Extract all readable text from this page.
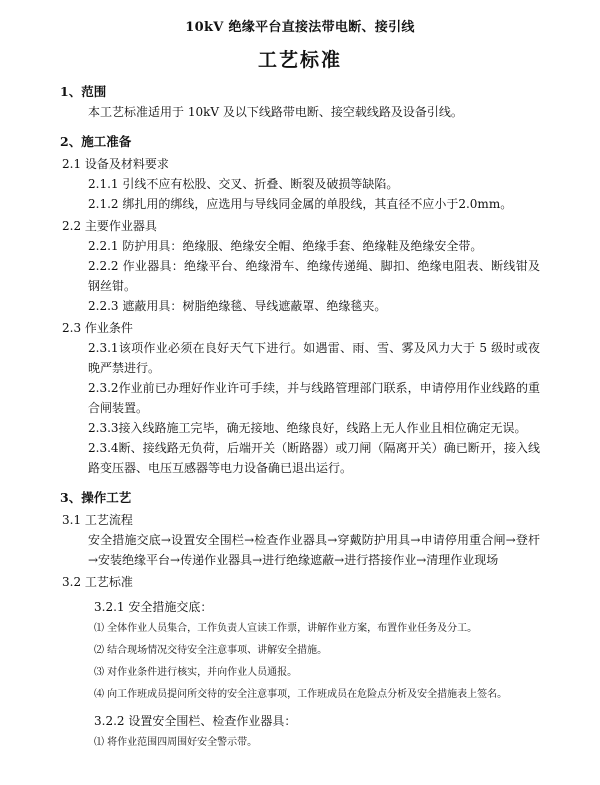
10kV 绝缘平台直接法带电断、接引线
工艺标准
1、范围
本工艺标准适用于 10kV 及以下线路带电断、接空载线路及设备引线。
2、施工准备
2.1 设备及材料要求
2.1.1 引线不应有松股、交叉、折叠、断裂及破损等缺陷。
2.1.2 绑扎用的绑线，应选用与导线同金属的单股线，其直径不应小于2.0mm。
2.2 主要作业器具
2.2.1 防护用具：绝缘服、绝缘安全帽、绝缘手套、绝缘鞋及绝缘安全带。
2.2.2 作业器具：绝缘平台、绝缘滑车、绝缘传递绳、脚扣、绝缘电阻表、断线钳及钢丝钳。
2.2.3 遮蔽用具：树脂绝缘毯、导线遮蔽罩、绝缘毯夹。
2.3 作业条件
2.3.1该项作业必须在良好天气下进行。如遇雷、雨、雪、雾及风力大于 5 级时或夜晚严禁进行。
2.3.2作业前已办理好作业许可手续，并与线路管理部门联系，申请停用作业线路的重合闸装置。
2.3.3接入线路施工完毕，确无接地、绝缘良好，线路上无人作业且相位确定无误。
2.3.4断、接线路无负荷，后端开关（断路器）或刀闸（隔离开关）确已断开，接入线路变压器、电压互感器等电力设备确已退出运行。
3、操作工艺
3.1 工艺流程
安全措施交底→设置安全围栏→检查作业器具→穿戴防护用具→申请停用重合闸→登杆→安装绝缘平台→传递作业器具→进行绝缘遮蔽→进行搭接作业→清理作业现场
3.2 工艺标准
3.2.1 安全措施交底：
⑴ 全体作业人员集合，工作负责人宣读工作票，讲解作业方案，布置作业任务及分工。
⑵ 结合现场情况交待安全注意事项、讲解安全措施。
⑶ 对作业条件进行核实，并向作业人员通报。
⑷ 向工作班成员提问所交待的安全注意事项，工作班成员在危险点分析及安全措施表上签名。
3.2.2 设置安全围栏、检查作业器具：
⑴ 将作业范围四周围好安全警示带。
